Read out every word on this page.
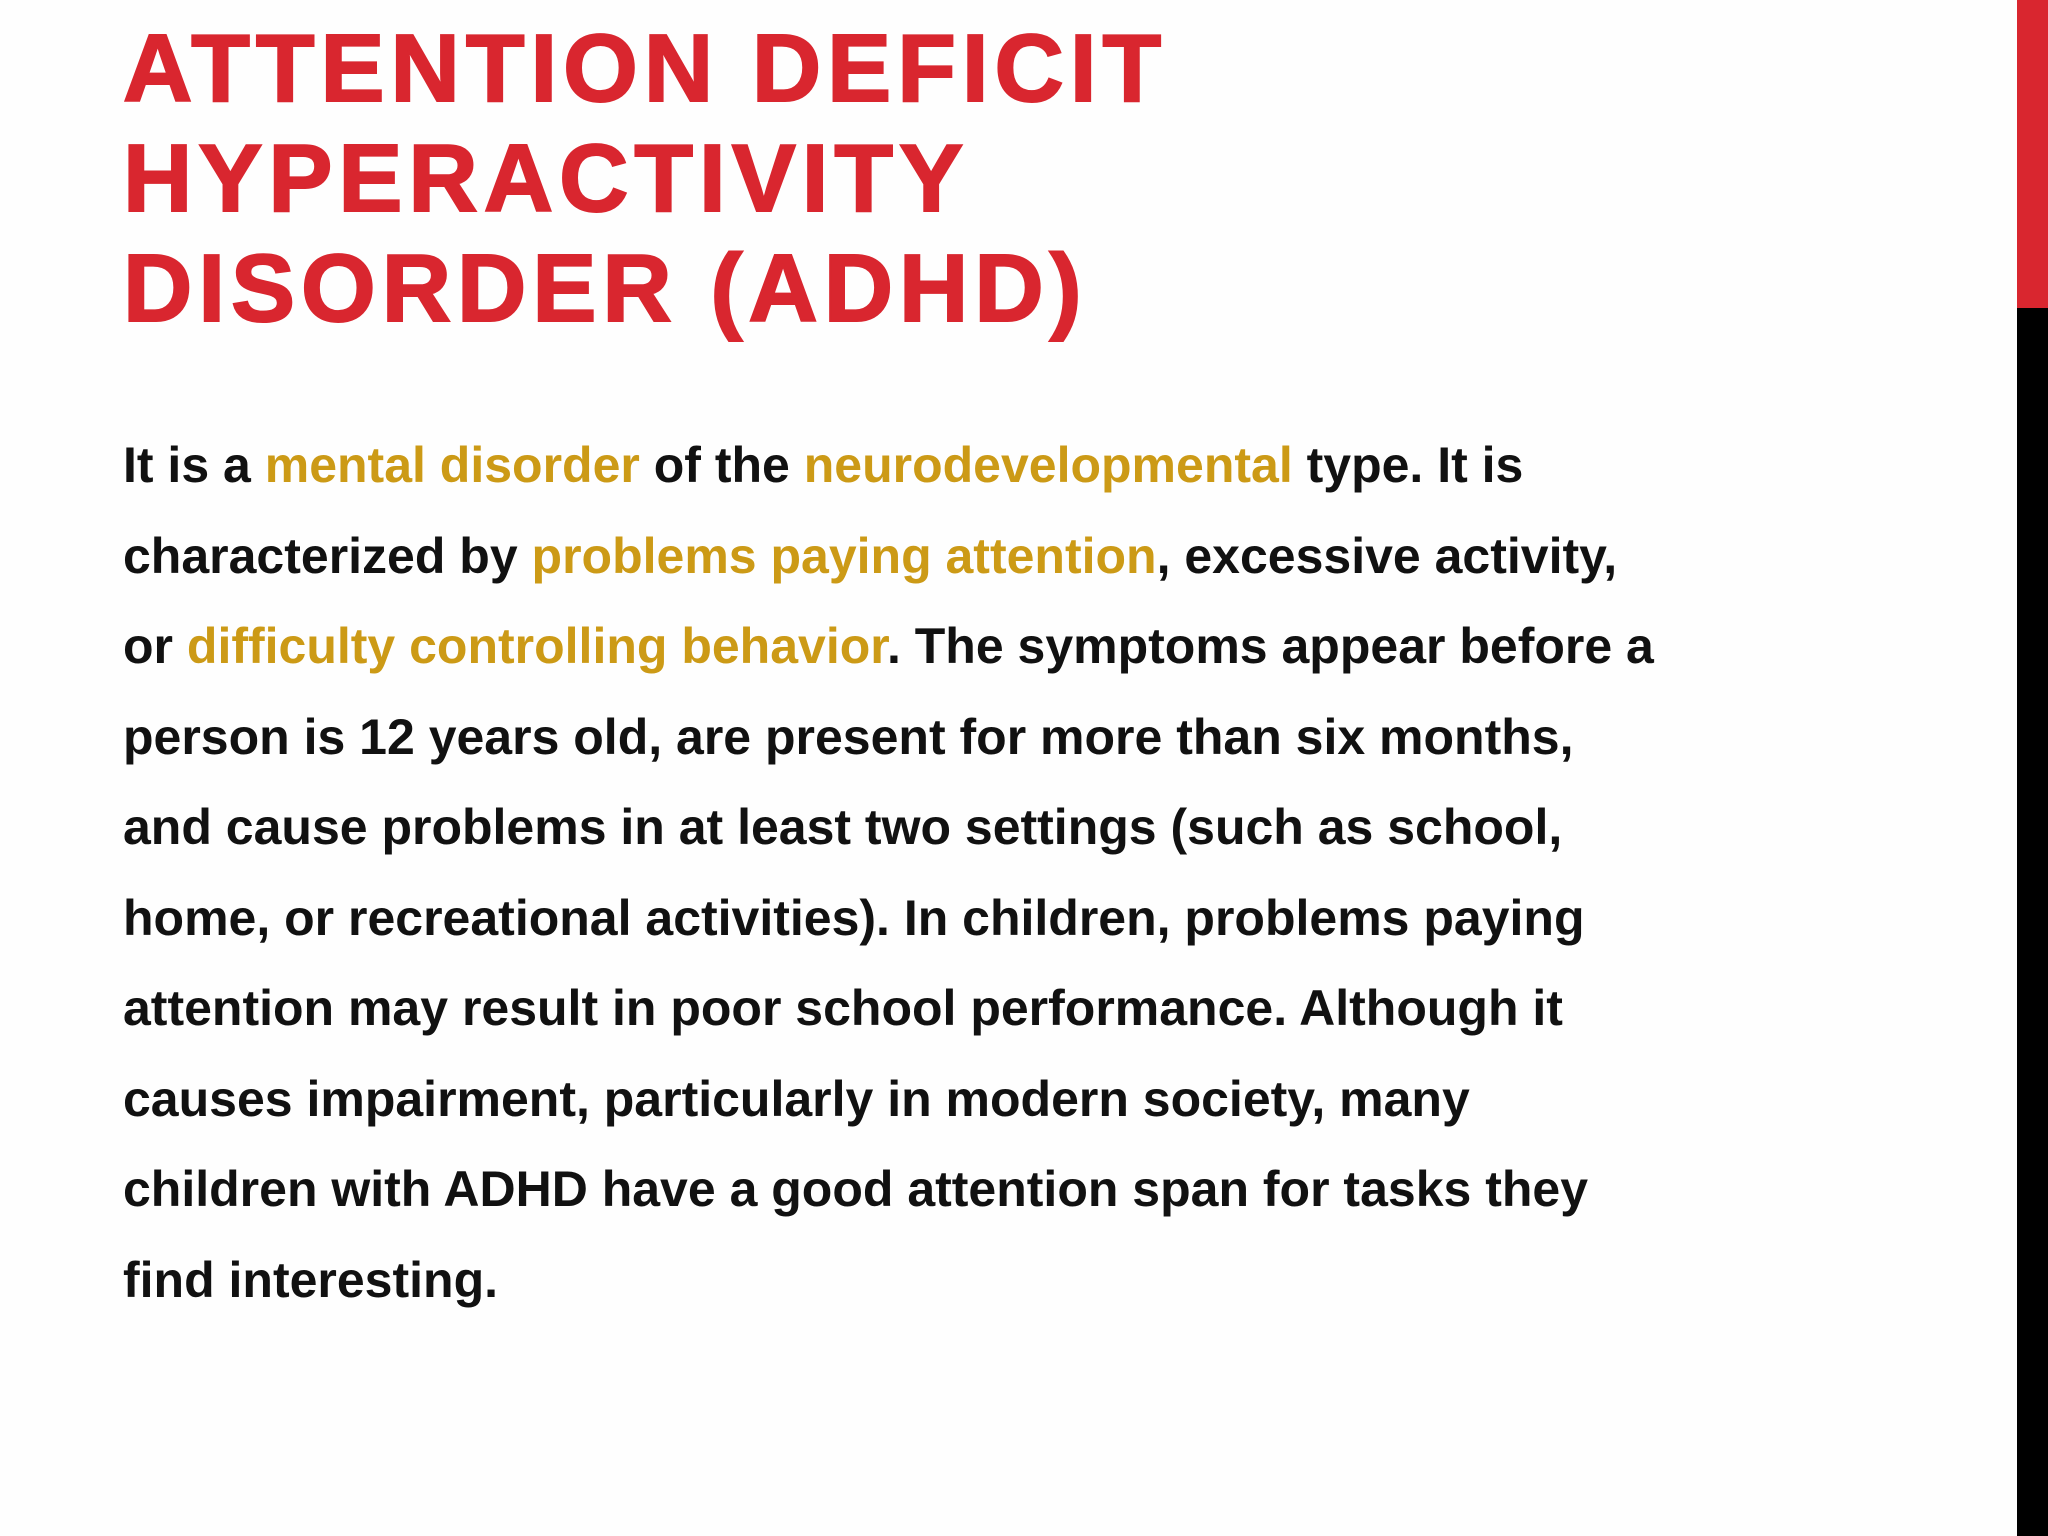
ATTENTION DEFICIT
HYPERACTIVITY
DISORDER (ADHD)
It is a mental disorder of the neurodevelopmental type. It is
characterized by problems paying attention, excessive activity,
or difficulty controlling behavior. The symptoms appear before a
person is 12 years old, are present for more than six months,
and cause problems in at least two settings (such as school,
home, or recreational activities). In children, problems paying
attention may result in poor school performance. Although it
causes impairment, particularly in modern society, many
children with ADHD have a good attention span for tasks they
find interesting.
